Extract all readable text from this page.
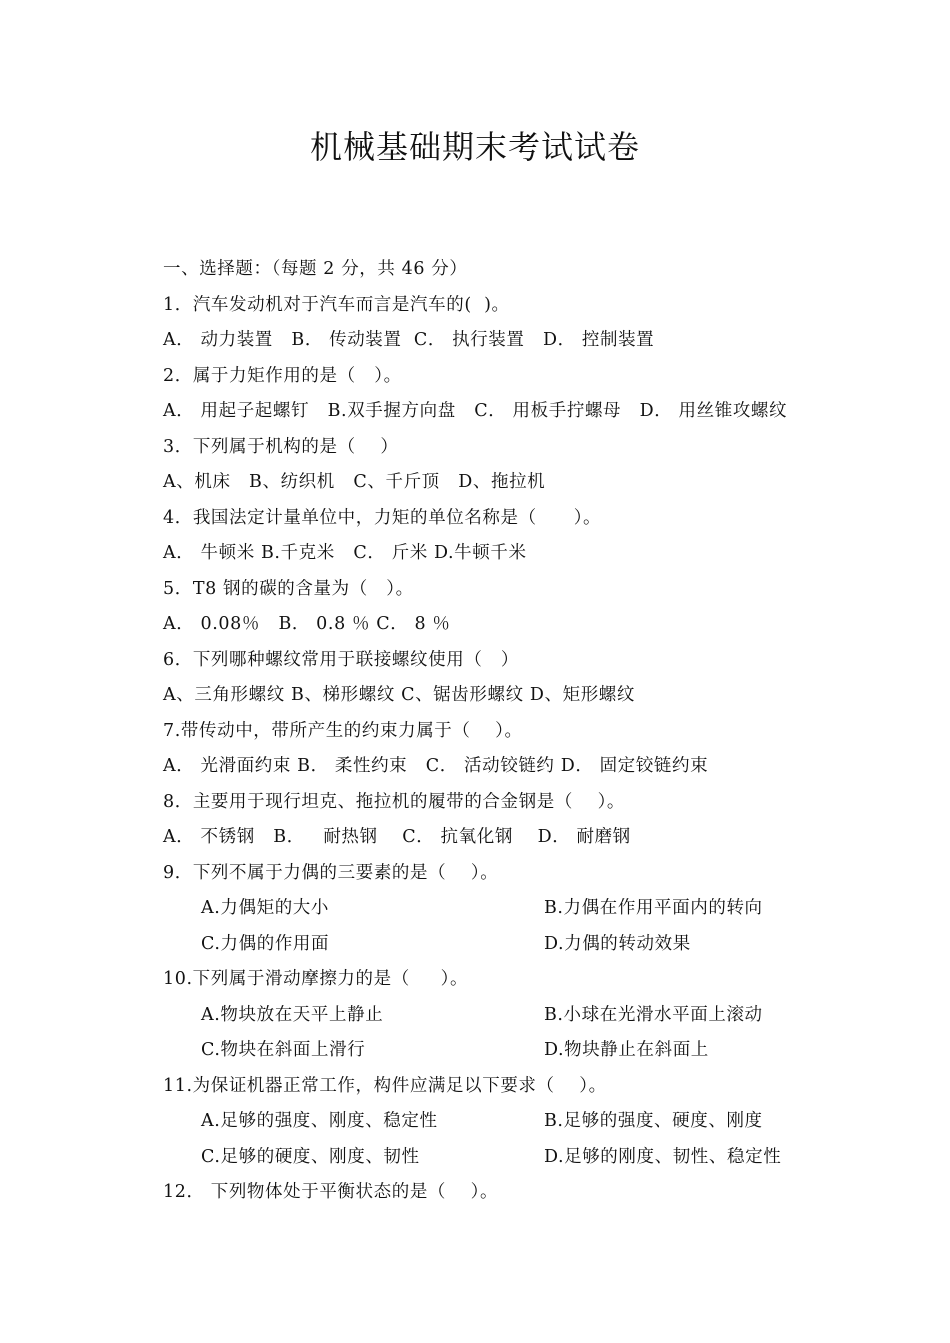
机械基础期末考试试卷
一、选择题：（每题 2 分，共 46 分）
1．汽车发动机对于汽车而言是汽车的(  )。
A． 动力装置   B． 传动装置  C． 执行装置   D． 控制装置
2．属于力矩作用的是（   ）。
A． 用起子起螺钉   B.双手握方向盘   C． 用板手拧螺母   D． 用丝锥攻螺纹
3．下列属于机构的是（    ）
A、机床   B、纺织机   C、千斤顶   D、拖拉机
4．我国法定计量单位中，力矩的单位名称是（      ）。
A． 牛顿米 B.千克米   C． 斤米 D.牛顿千米
5．T8 钢的碳的含量为（   ）。
A． 0.08％   B． 0.8 ％ C． 8 ％
6．下列哪种螺纹常用于联接螺纹使用（   ）
A、三角形螺纹 B、梯形螺纹 C、锯齿形螺纹 D、矩形螺纹
7.带传动中，带所产生的约束力属于（    ）。
A． 光滑面约束 B． 柔性约束   C． 活动铰链约 D． 固定铰链约束
8．主要用于现行坦克、拖拉机的履带的合金钢是（    ）。
A． 不锈钢   B．   耐热钢    C． 抗氧化钢    D． 耐磨钢
9．下列不属于力偶的三要素的是（    ）。
A.力偶矩的大小	B.力偶在作用平面内的转向
C.力偶的作用面	D.力偶的转动效果
10.下列属于滑动摩擦力的是（     ）。
A.物块放在天平上静止	B.小球在光滑水平面上滚动
C.物块在斜面上滑行	D.物块静止在斜面上
11.为保证机器正常工作，构件应满足以下要求（    ）。
A.足够的强度、刚度、稳定性	B.足够的强度、硬度、刚度
C.足够的硬度、刚度、韧性	D.足够的刚度、韧性、稳定性
12． 下列物体处于平衡状态的是（    ）。
